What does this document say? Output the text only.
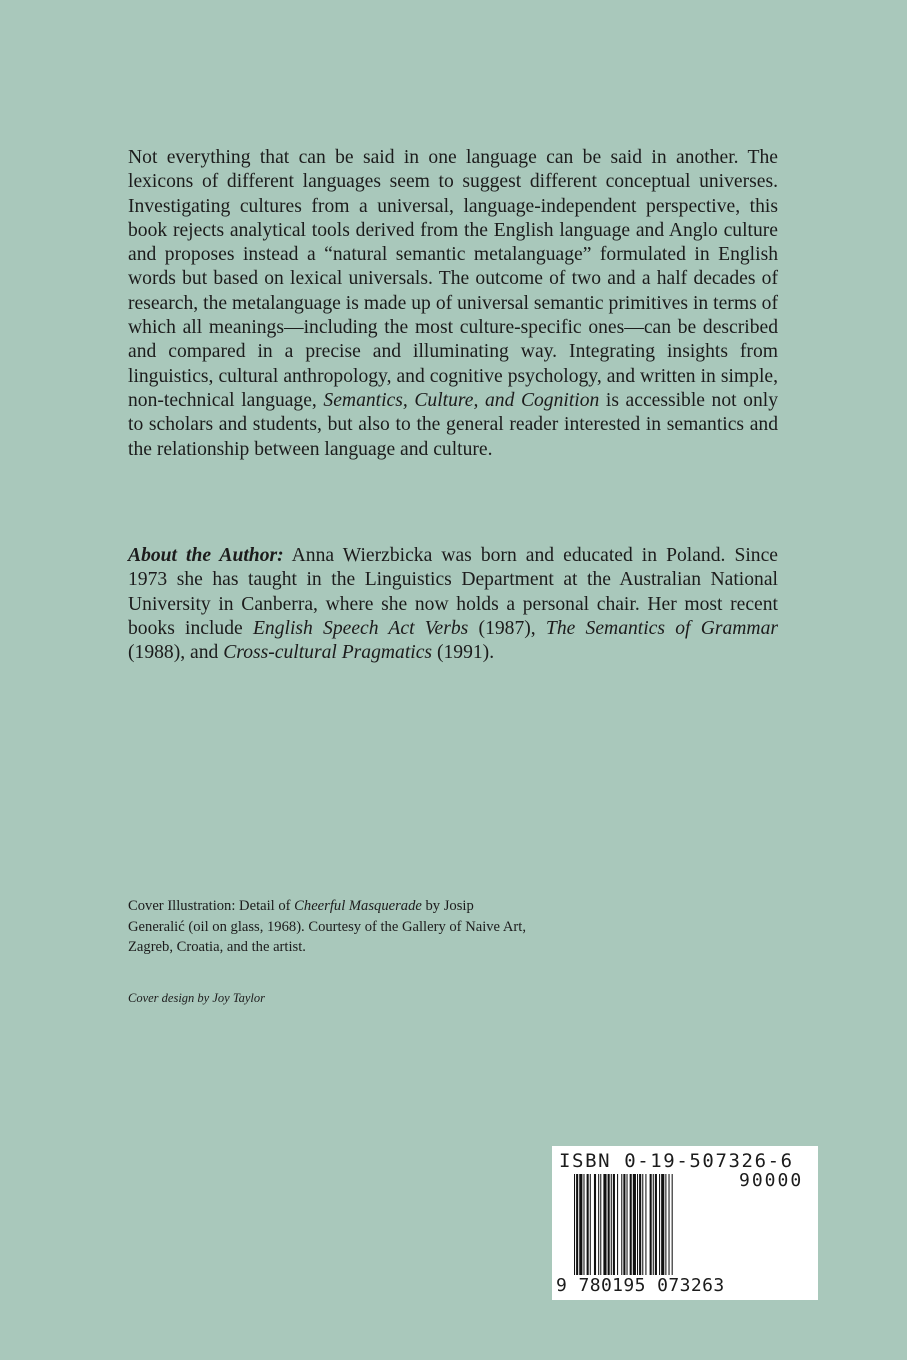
Not everything that can be said in one language can be said in another. The lexicons of different languages seem to suggest different conceptual universes. Investigating cultures from a universal, language-independent perspective, this book rejects analytical tools derived from the English language and Anglo culture and proposes instead a “natural semantic metalanguage” formulated in English words but based on lexical universals. The outcome of two and a half decades of research, the metalanguage is made up of universal semantic primitives in terms of which all meanings—including the most culture-specific ones—can be described and compared in a precise and illuminating way. Integrating insights from linguistics, cultural anthropology, and cognitive psychology, and written in simple, non-technical language, Semantics, Culture, and Cognition is accessible not only to scholars and students, but also to the general reader interested in semantics and the relationship between language and culture.

About the Author: Anna Wierzbicka was born and educated in Poland. Since 1973 she has taught in the Linguistics Department at the Australian National University in Canberra, where she now holds a personal chair. Her most recent books include English Speech Act Verbs (1987), The Semantics of Grammar (1988), and Cross-cultural Pragmatics (1991).

Cover Illustration: Detail of Cheerful Masquerade by Josip Generalić (oil on glass, 1968). Courtesy of the Gallery of Naive Art, Zagreb, Croatia, and the artist.

Cover design by Joy Taylor

ISBN 0-19-507326-6
90000
9 780195 073263
